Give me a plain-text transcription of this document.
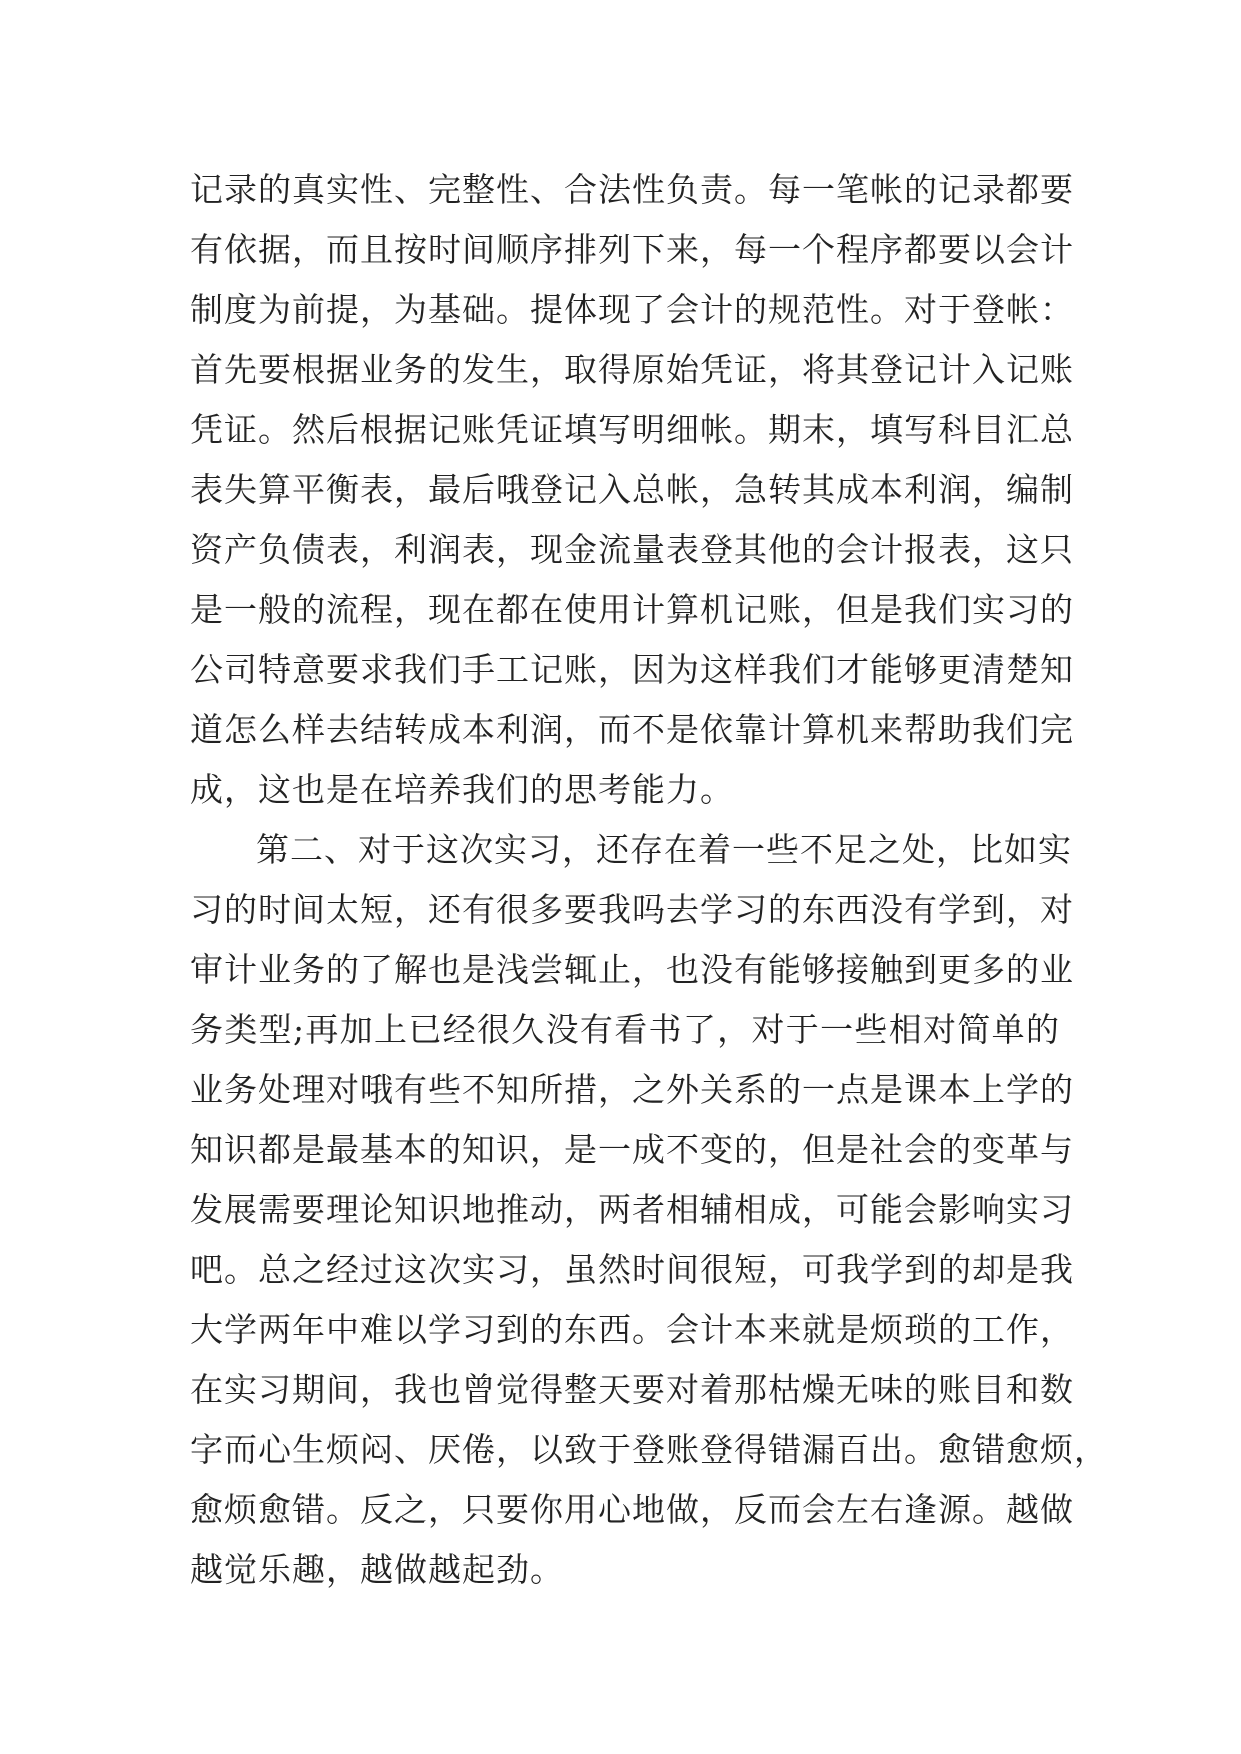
记录的真实性、完整性、合法性负责。每一笔帐的记录都要
有依据，而且按时间顺序排列下来，每一个程序都要以会计
制度为前提，为基础。提体现了会计的规范性。对于登帐：
首先要根据业务的发生，取得原始凭证，将其登记计入记账
凭证。然后根据记账凭证填写明细帐。期末，填写科目汇总
表失算平衡表，最后哦登记入总帐，急转其成本利润，编制
资产负债表，利润表，现金流量表登其他的会计报表，这只
是一般的流程，现在都在使用计算机记账，但是我们实习的
公司特意要求我们手工记账，因为这样我们才能够更清楚知
道怎么样去结转成本利润，而不是依靠计算机来帮助我们完
成，这也是在培养我们的思考能力。
第二、对于这次实习，还存在着一些不足之处，比如实
习的时间太短，还有很多要我吗去学习的东西没有学到，对
审计业务的了解也是浅尝辄止，也没有能够接触到更多的业
务类型;再加上已经很久没有看书了，对于一些相对简单的
业务处理对哦有些不知所措，之外关系的一点是课本上学的
知识都是最基本的知识，是一成不变的，但是社会的变革与
发展需要理论知识地推动，两者相辅相成，可能会影响实习
吧。总之经过这次实习，虽然时间很短，可我学到的却是我
大学两年中难以学习到的东西。会计本来就是烦琐的工作，
在实习期间，我也曾觉得整天要对着那枯燥无味的账目和数
字而心生烦闷、厌倦，以致于登账登得错漏百出。愈错愈烦，
愈烦愈错。反之，只要你用心地做，反而会左右逢源。越做
越觉乐趣，越做越起劲。
